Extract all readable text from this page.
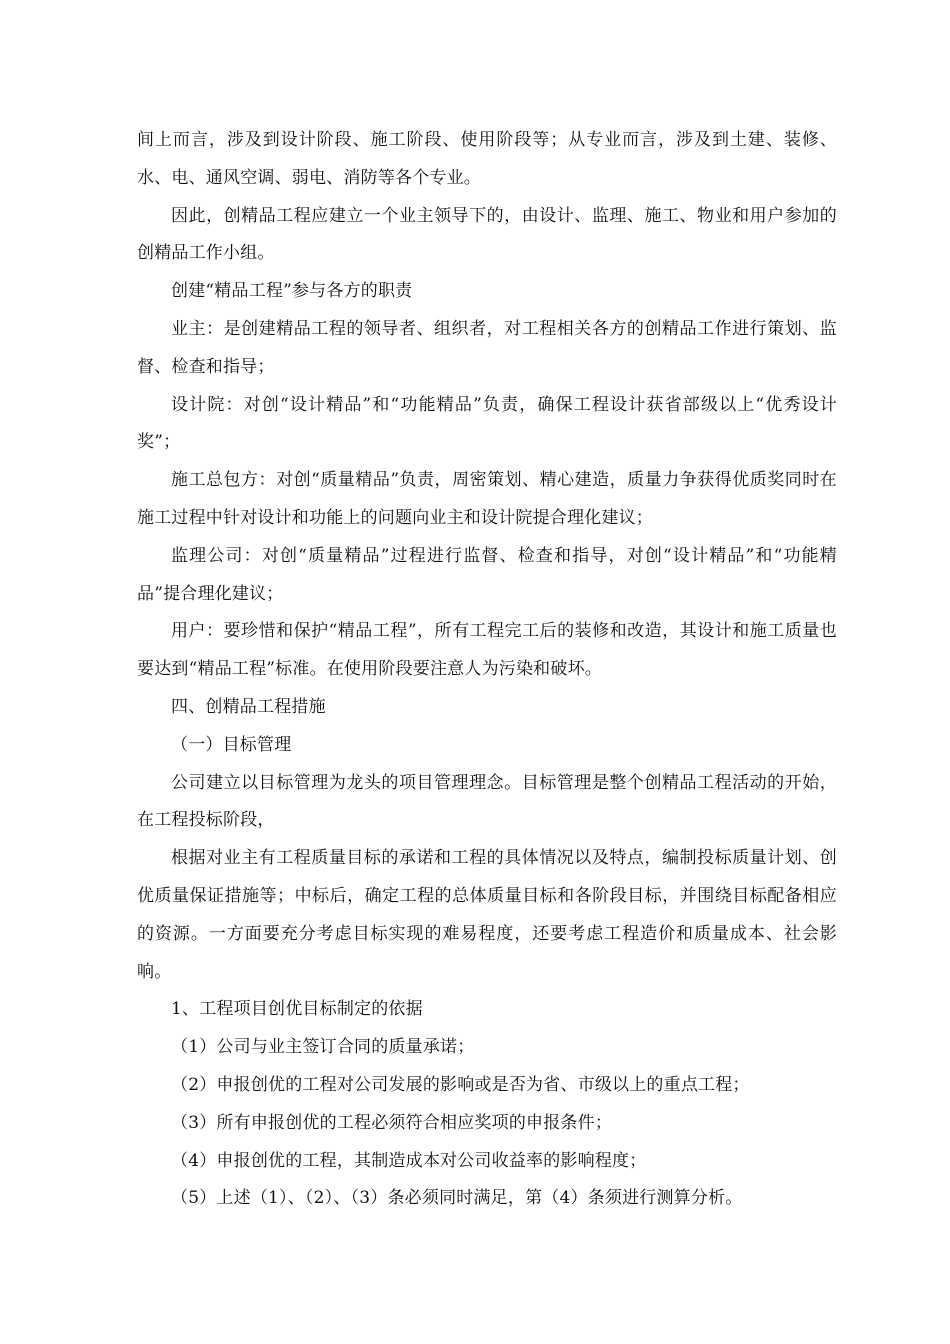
间上而言，涉及到设计阶段、施工阶段、使用阶段等；从专业而言，涉及到土建、装修、水、电、通风空调、弱电、消防等各个专业。

因此，创精品工程应建立一个业主领导下的，由设计、监理、施工、物业和用户参加的创精品工作小组。

创建“精品工程”参与各方的职责

业主：是创建精品工程的领导者、组织者，对工程相关各方的创精品工作进行策划、监督、检查和指导；

设计院：对创“设计精品”和“功能精品”负责，确保工程设计获省部级以上“优秀设计奖”；

施工总包方：对创“质量精品”负责，周密策划、精心建造，质量力争获得优质奖同时在施工过程中针对设计和功能上的问题向业主和设计院提合理化建议；

监理公司：对创“质量精品”过程进行监督、检查和指导，对创“设计精品”和“功能精品”提合理化建议；

用户：要珍惜和保护“精品工程”，所有工程完工后的装修和改造，其设计和施工质量也要达到“精品工程”标准。在使用阶段要注意人为污染和破坏。

四、创精品工程措施

（一）目标管理

公司建立以目标管理为龙头的项目管理理念。目标管理是整个创精品工程活动的开始，在工程投标阶段，

根据对业主有工程质量目标的承诺和工程的具体情况以及特点，编制投标质量计划、创优质量保证措施等；中标后，确定工程的总体质量目标和各阶段目标，并围绕目标配备相应的资源。一方面要充分考虑目标实现的难易程度，还要考虑工程造价和质量成本、社会影响。

1、工程项目创优目标制定的依据

（1）公司与业主签订合同的质量承诺；

（2）申报创优的工程对公司发展的影响或是否为省、市级以上的重点工程；

（3）所有申报创优的工程必须符合相应奖项的申报条件；

（4）申报创优的工程，其制造成本对公司收益率的影响程度；

（5）上述（1）、（2）、（3）条必须同时满足，第（4）条须进行测算分析。
